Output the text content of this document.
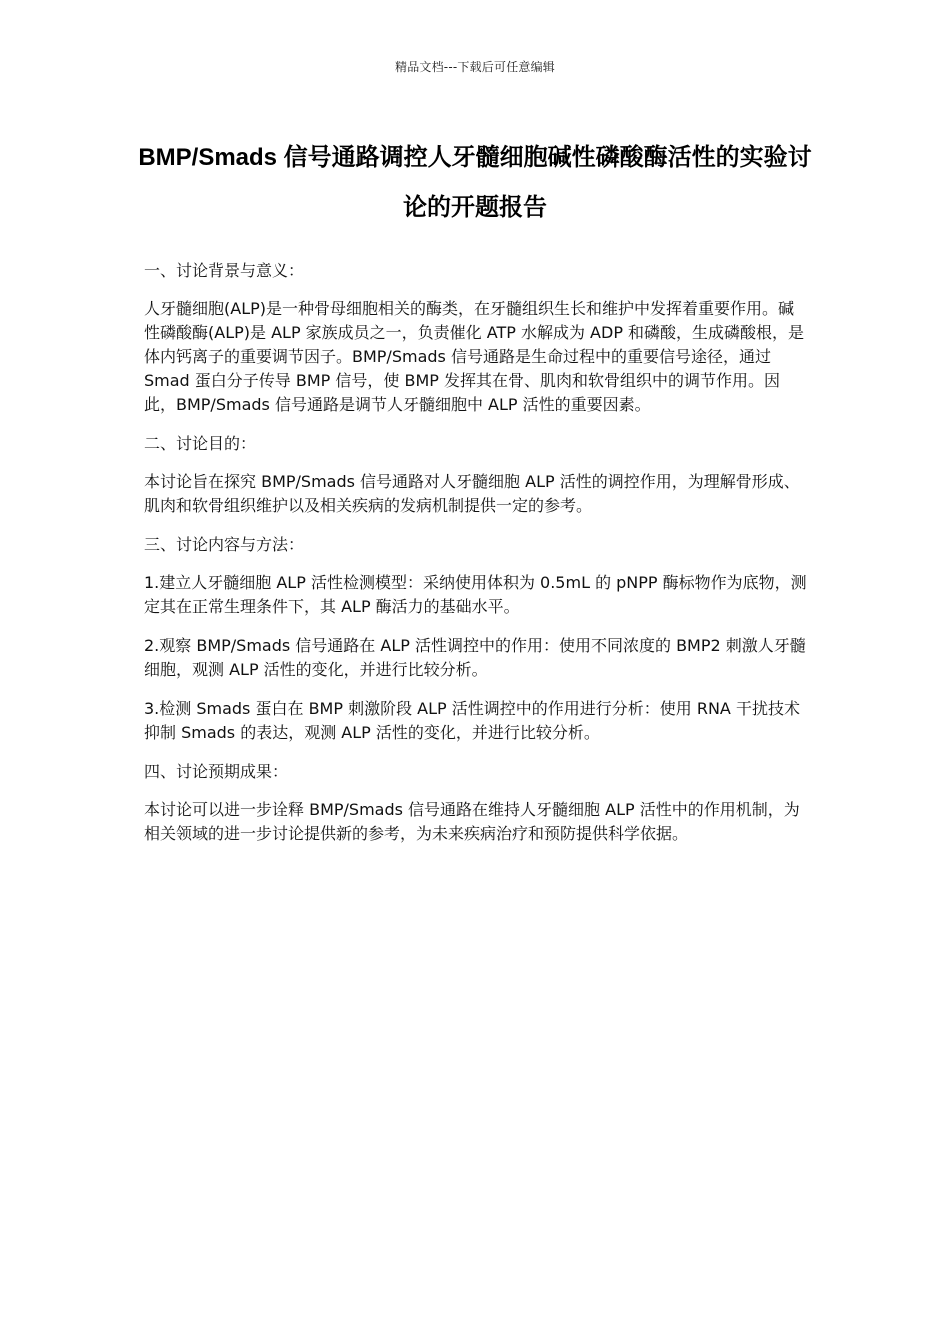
精品文档---下载后可任意编辑
BMP/Smads 信号通路调控人牙髓细胞碱性磷酸酶活性的实验讨论的开题报告

一、讨论背景与意义：

人牙髓细胞(ALP)是一种骨母细胞相关的酶类，在牙髓组织生长和维护中发挥着重要作用。碱性磷酸酶(ALP)是 ALP 家族成员之一，负责催化 ATP 水解成为 ADP 和磷酸，生成磷酸根，是体内钙离子的重要调节因子。BMP/Smads 信号通路是生命过程中的重要信号途径，通过 Smad 蛋白分子传导 BMP 信号，使 BMP 发挥其在骨、肌肉和软骨组织中的调节作用。因此，BMP/Smads 信号通路是调节人牙髓细胞中 ALP 活性的重要因素。

二、讨论目的：

本讨论旨在探究 BMP/Smads 信号通路对人牙髓细胞 ALP 活性的调控作用，为理解骨形成、肌肉和软骨组织维护以及相关疾病的发病机制提供一定的参考。

三、讨论内容与方法：

1.建立人牙髓细胞 ALP 活性检测模型：采纳使用体积为 0.5mL 的 pNPP 酶标物作为底物，测定其在正常生理条件下，其 ALP 酶活力的基础水平。

2.观察 BMP/Smads 信号通路在 ALP 活性调控中的作用：使用不同浓度的 BMP2 刺激人牙髓细胞，观测 ALP 活性的变化，并进行比较分析。

3.检测 Smads 蛋白在 BMP 刺激阶段 ALP 活性调控中的作用进行分析：使用 RNA 干扰技术抑制 Smads 的表达，观测 ALP 活性的变化，并进行比较分析。

四、讨论预期成果：

本讨论可以进一步诠释 BMP/Smads 信号通路在维持人牙髓细胞 ALP 活性中的作用机制，为相关领域的进一步讨论提供新的参考，为未来疾病治疗和预防提供科学依据。
